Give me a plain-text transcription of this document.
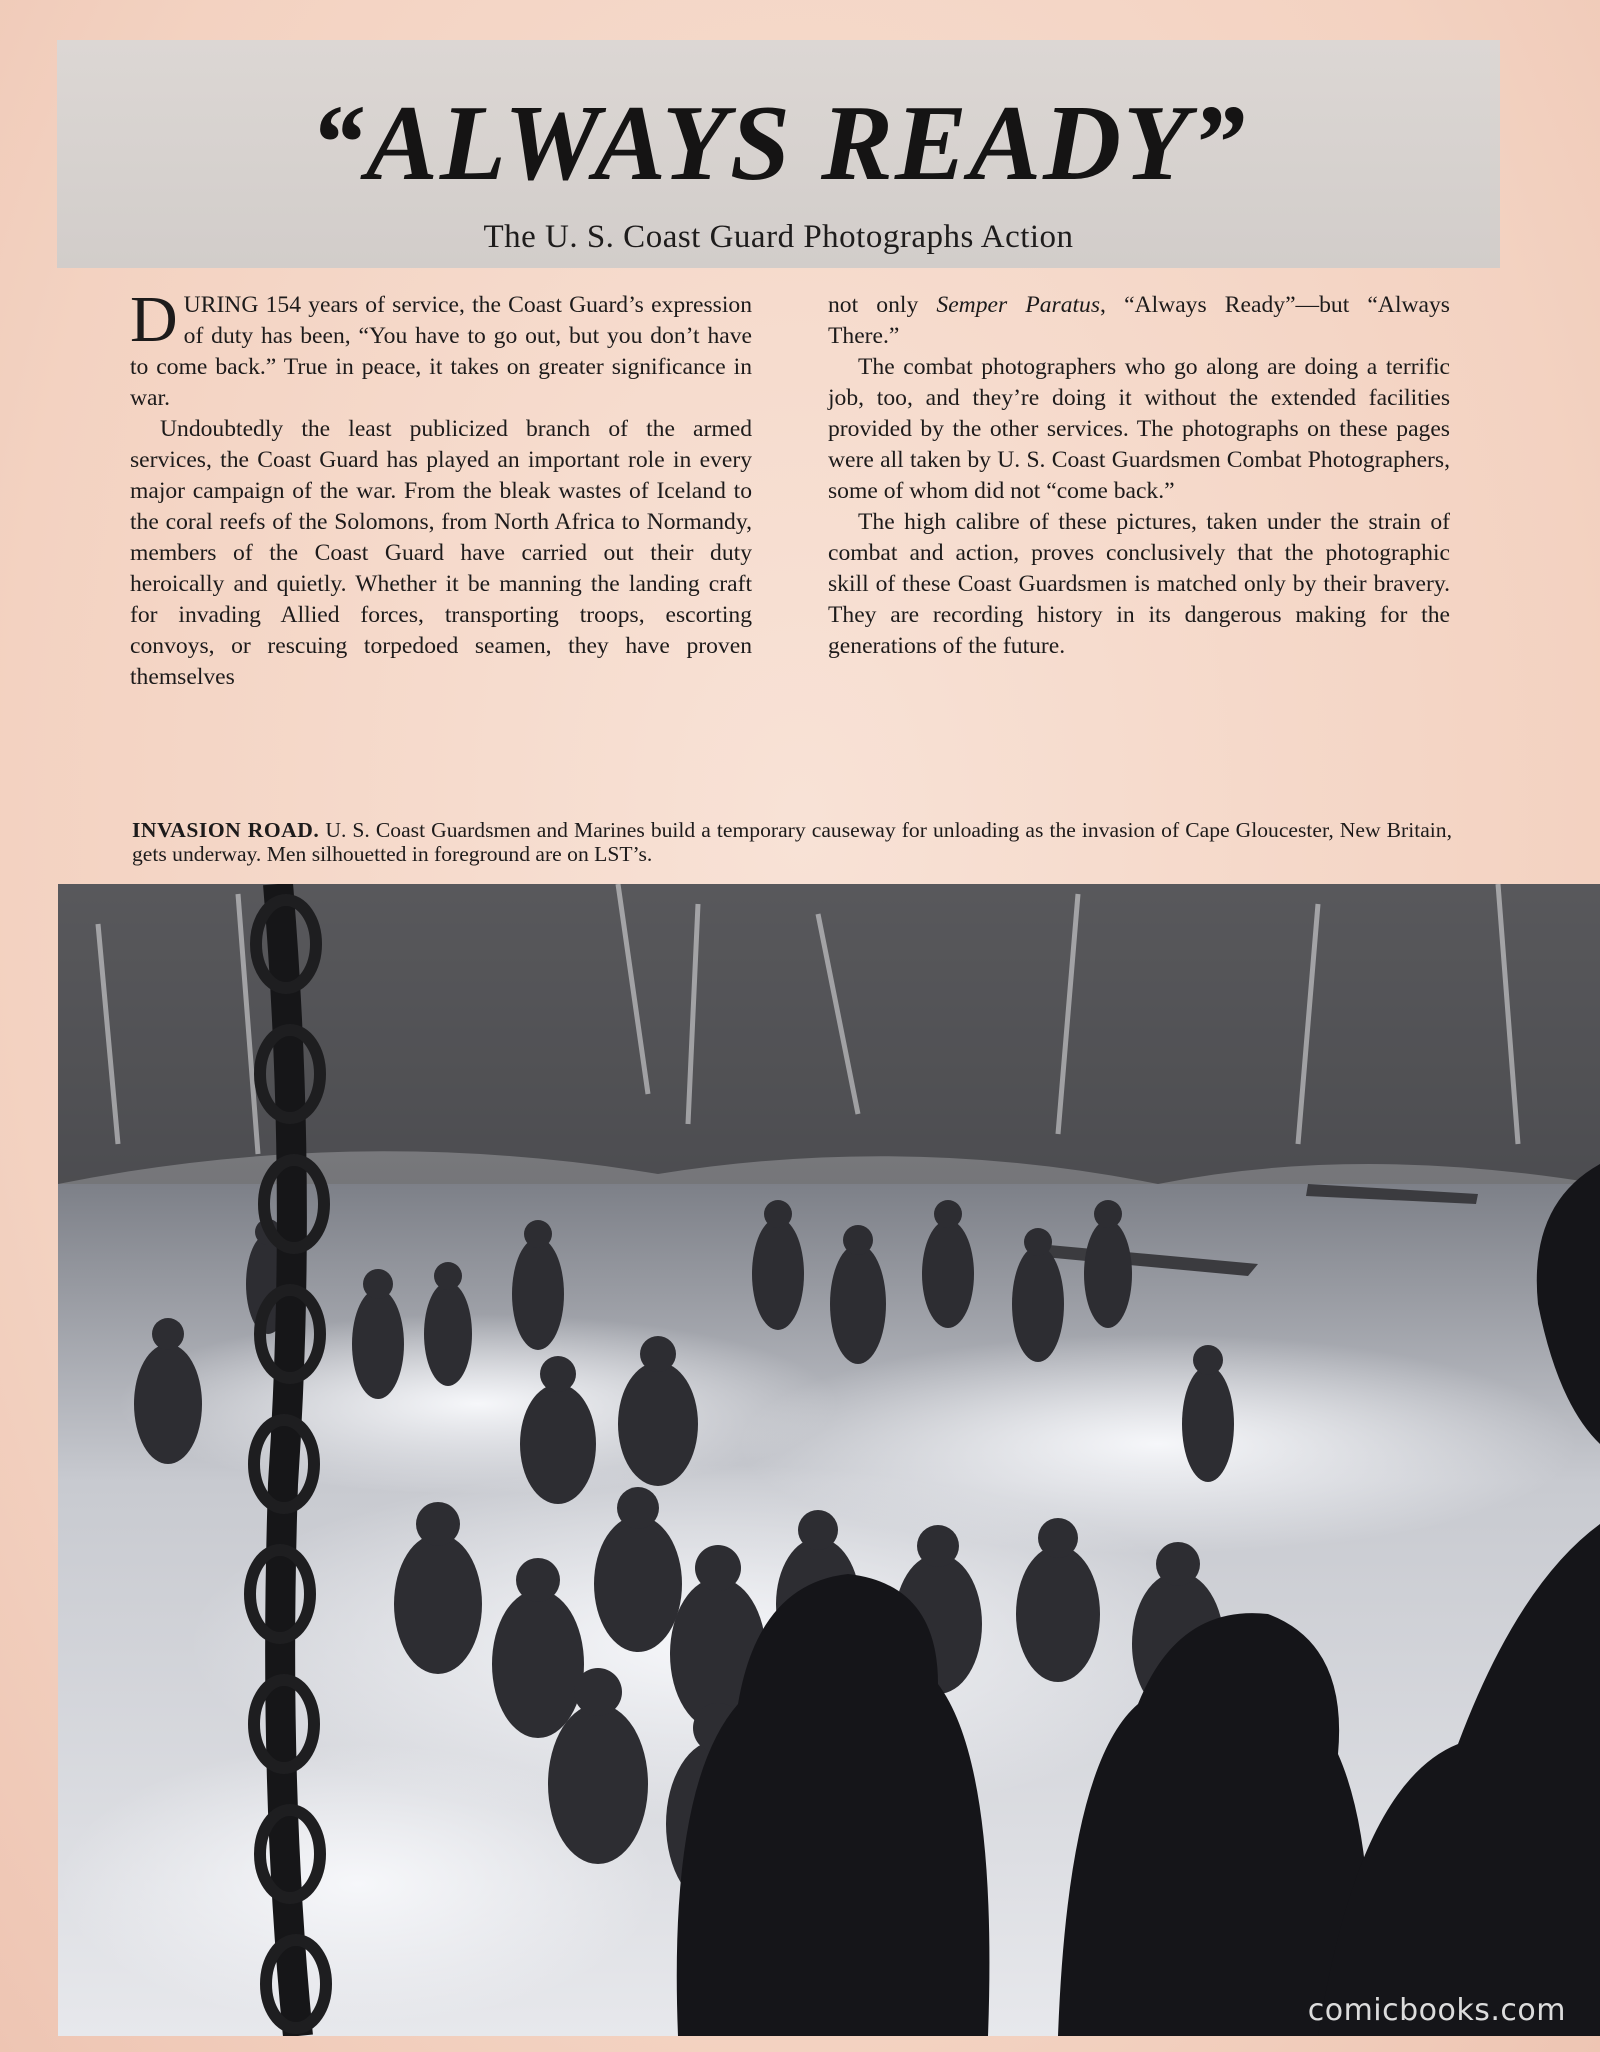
“ALWAYS READY”
The U. S. Coast Guard Photographs Action

DURING 154 years of service, the Coast Guard’s expression of duty has been, “You have to go out, but you don’t have to come back.” True in peace, it takes on greater significance in war.

Undoubtedly the least publicized branch of the armed services, the Coast Guard has played an important role in every major campaign of the war. From the bleak wastes of Iceland to the coral reefs of the Solomons, from North Africa to Normandy, members of the Coast Guard have carried out their duty heroically and quietly. Whether it be manning the landing craft for invading Allied forces, transporting troops, escorting convoys, or rescuing torpedoed seamen, they have proven themselves

not only Semper Paratus, “Always Ready”—but “Always There.”

The combat photographers who go along are doing a terrific job, too, and they’re doing it without the extended facilities provided by the other services. The photographs on these pages were all taken by U. S. Coast Guardsmen Combat Photographers, some of whom did not “come back.”

The high calibre of these pictures, taken under the strain of combat and action, proves conclusively that the photographic skill of these Coast Guardsmen is matched only by their bravery. They are recording history in its dangerous making for the generations of the future.

INVASION ROAD. U. S. Coast Guardsmen and Marines build a temporary causeway for unloading as the invasion of Cape Gloucester, New Britain, gets underway. Men silhouetted in foreground are on LST’s.
comicbooks.com
